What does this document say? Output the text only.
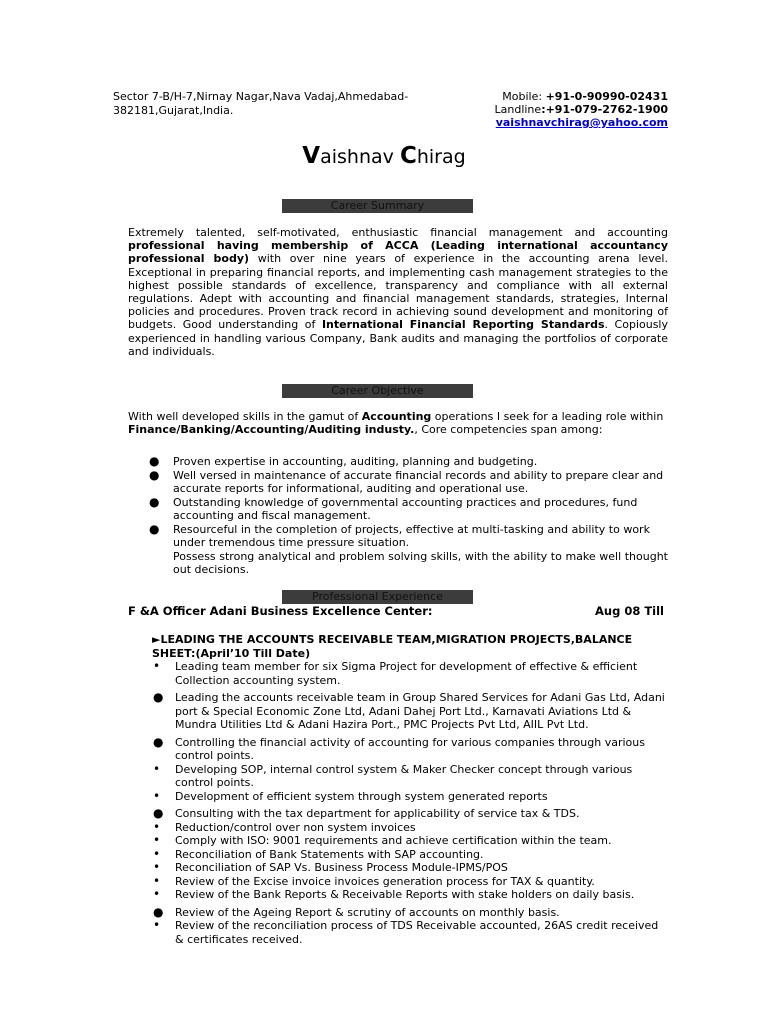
Sector 7-B/H-7,Nirnay Nagar,Nava Vadaj,Ahmedabad-
382181,Gujarat,India.
Mobile: +91-0-90990-02431
Landline:+91-079-2762-1900
vaishnavchirag@yahoo.com
Vaishnav Chirag
Career Summary
Extremely talented, self-motivated, enthusiastic financial management and accounting professional having membership of ACCA (Leading international accountancy professional body) with over nine years of experience in the accounting arena level. Exceptional in preparing financial reports, and implementing cash management strategies to the highest possible standards of excellence, transparency and compliance with all external regulations. Adept with accounting and financial management standards, strategies, Internal policies and procedures. Proven track record in achieving sound development and monitoring of budgets. Good understanding of International Financial Reporting Standards. Copiously experienced in handling various Company, Bank audits and managing the portfolios of corporate and individuals.
Career Objective
With well developed skills in the gamut of Accounting operations I seek for a leading role within Finance/Banking/Accounting/Auditing industy., Core competencies span among:
● Proven expertise in accounting, auditing, planning and budgeting.
● Well versed in maintenance of accurate financial records and ability to prepare clear and accurate reports for informational, auditing and operational use.
● Outstanding knowledge of governmental accounting practices and procedures, fund accounting and fiscal management.
● Resourceful in the completion of projects, effective at multi-tasking and ability to work under tremendous time pressure situation.
Possess strong analytical and problem solving skills, with the ability to make well thought out decisions.
Professional Experience
F &A Officer Adani Business Excellence Center:	Aug 08 Till
►LEADING THE ACCOUNTS RECEIVABLE TEAM,MIGRATION PROJECTS,BALANCE SHEET:(April’10 Till Date)
• Leading team member for six Sigma Project for development of effective & efficient Collection accounting system.
● Leading the accounts receivable team in Group Shared Services for Adani Gas Ltd, Adani port & Special Economic Zone Ltd, Adani Dahej Port Ltd., Karnavati Aviations Ltd & Mundra Utilities Ltd & Adani Hazira Port., PMC Projects Pvt Ltd, AIIL Pvt Ltd.
● Controlling the financial activity of accounting for various companies through various control points.
• Developing SOP, internal control system & Maker Checker concept through various control points.
• Development of efficient system through system generated reports
● Consulting with the tax department for applicability of service tax & TDS.
• Reduction/control over non system invoices
• Comply with ISO: 9001 requirements and achieve certification within the team.
• Reconciliation of Bank Statements with SAP accounting.
• Reconciliation of SAP Vs. Business Process Module-IPMS/POS
• Review of the Excise invoice invoices generation process for TAX & quantity.
• Review of the Bank Reports & Receivable Reports with stake holders on daily basis.
● Review of the Ageing Report & scrutiny of accounts on monthly basis.
• Review of the reconciliation process of TDS Receivable accounted, 26AS credit received & certificates received.
